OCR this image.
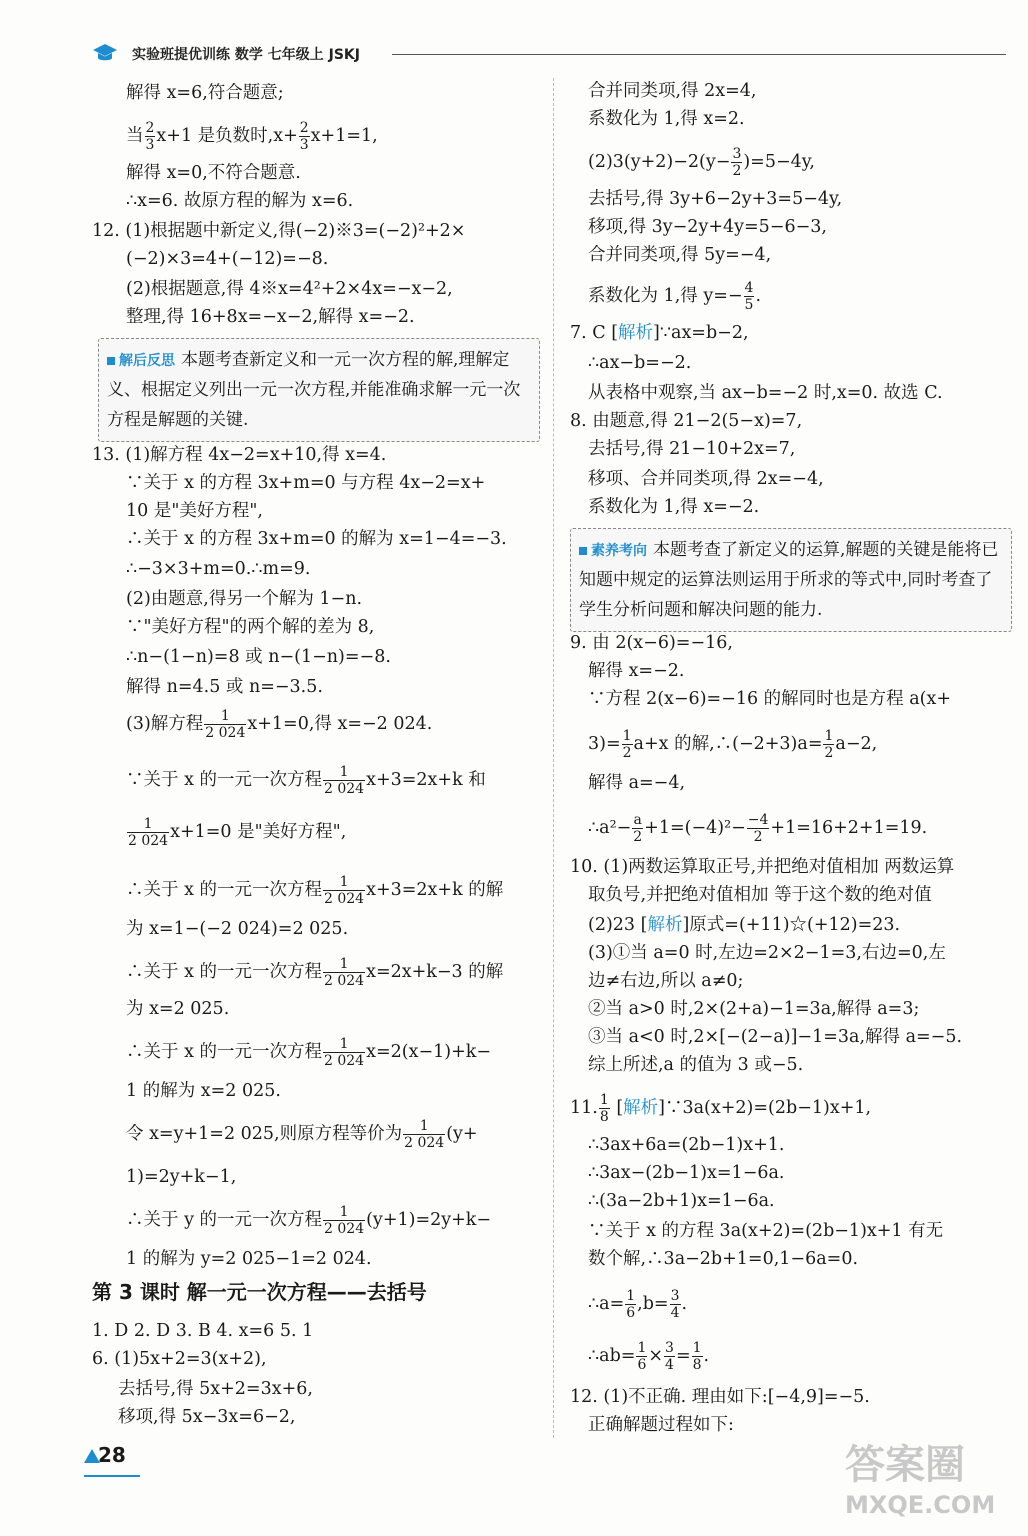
实验班提优训练 数学 七年级上 JSKJ
解得 x=6,符合题意;
当 $\frac{2}{3} x+1$ 是负数时$,x+ \frac{2}{3} x+1=1$,
解得 x=0,不符合题意.
∴x=6. 故原方程的解为 x=6.
12. (1)根据题中新定义,得(−2)※3=(−2)²+2×
(−2)×3=4+(−12)=−8.
(2)根据题意,得 4※x=4²+2×4x=−x−2,
整理,得 16+8x=−x−2,解得 x=−2.
解后反思 本题考查新定义和一元一次方程的解,理解定义、根据定义列出一元一次方程,并能准确求解一元一次方程是解题的关键.
13. (1)解方程 4x−2=x+10,得 x=4.
∵关于 x 的方程 3x+m=0 与方程 4x−2=x+
10 是"美好方程",
∴关于 x 的方程 3x+m=0 的解为 x=1−4=−3.
∴−3×3+m=0.∴m=9.
(2)由题意,得另一个解为 1−n.
∵"美好方程"的两个解的差为 8,
∴n−(1−n)=8 或 n−(1−n)=−8.
解得 n=4.5 或 n=−3.5.
(3)解方程 $\frac{1}{2 024} x+1=0$,得 x=−2 024.
∵关于 x 的一元一次方程 $\frac{1}{2 024} x+3=2x+k$ 和
$\frac{1}{2 024} x+1=0$ 是"美好方程",
∴关于 x 的一元一次方程 $\frac{1}{2 024} x+3=2x+k$ 的解
为 x=1−(−2 024)=2 025.
∴关于 x 的一元一次方程 $\frac{1}{2 024} x=2x+k-3$ 的解
为 x=2 025.
∴关于 x 的一元一次方程 $\frac{1}{2 024} x=2(x-1)+k-$
1 的解为 x=2 025.
令 x=y+1=2 025,则原方程等价为 $\frac{1}{2 024} (y+$
1)=2y+k−1,
∴关于 y 的一元一次方程 $\frac{1}{2 024} (y+1)=2y+k-$
1 的解为 y=2 025−1=2 024.
第 3 课时 解一元一次方程——去括号
1. D 2. D 3. B 4. x=6 5. 1
6. (1)5x+2=3(x+2),
去括号,得 5x+2=3x+6,
移项,得 5x−3x=6−2,
合并同类项,得 2x=4,
系数化为 1,得 x=2.
$(2)3(y+2)-2(y- \frac{3}{2} )=5-4y$,
去括号,得 3y+6−2y+3=5−4y,
移项,得 3y−2y+4y=5−6−3,
合并同类项,得 5y=−4,
系数化为 1,得 $y=- \frac{4}{5}$ .
7. C [解析]∵ax=b−2,
∴ax−b=−2.
从表格中观察,当 ax−b=−2 时,x=0. 故选 C.
8. 由题意,得 21−2(5−x)=7,
去括号,得 21−10+2x=7,
移项、合并同类项,得 2x=−4,
系数化为 1,得 x=−2.
素养考向 本题考查了新定义的运算,解题的关键是能将已知题中规定的运算法则运用于所求的等式中,同时考查了学生分析问题和解决问题的能力.
9. 由 2(x−6)=−16,
解得 x=−2.
∵方程 2(x−6)=−16 的解同时也是方程 a(x+
$3)= \frac{1}{2} a+x$ 的解,∴(−2+3)a= $\frac{1}{2} a-2$,
解得 a=−4,
∴a²− $\frac{a}{2} +1=(-4)^2- \frac{-4}{2} +1=16+2+1=19$.
10. (1)两数运算取正号,并把绝对值相加 两数运算
取负号,并把绝对值相加 等于这个数的绝对值
(2)23 [解析]原式=(+11)☆(+12)=23.
(3)①当 a=0 时,左边=2×2−1=3,右边=0,左
边≠右边,所以 a≠0;
②当 a>0 时,2×(2+a)−1=3a,解得 a=3;
③当 a<0 时,2×[−(2−a)]−1=3a,解得 a=−5.
综上所述,a 的值为 3 或−5.
11. $\frac{1}{8}$ [解析]∵3a(x+2)=(2b−1)x+1,
∴3ax+6a=(2b−1)x+1.
∴3ax−(2b−1)x=1−6a.
∴(3a−2b+1)x=1−6a.
∵关于 x 的方程 3a(x+2)=(2b−1)x+1 有无
数个解,∴3a−2b+1=0,1−6a=0.
∴a= $\frac{1}{6} ,b= \frac{3}{4}$ .
∴ab= $\frac{1}{6} \times \frac{3}{4} = \frac{1}{8}$ .
12. (1)不正确. 理由如下:[−4,9]=−5.
正确解题过程如下:
28	答案圈
MXQE.COM
